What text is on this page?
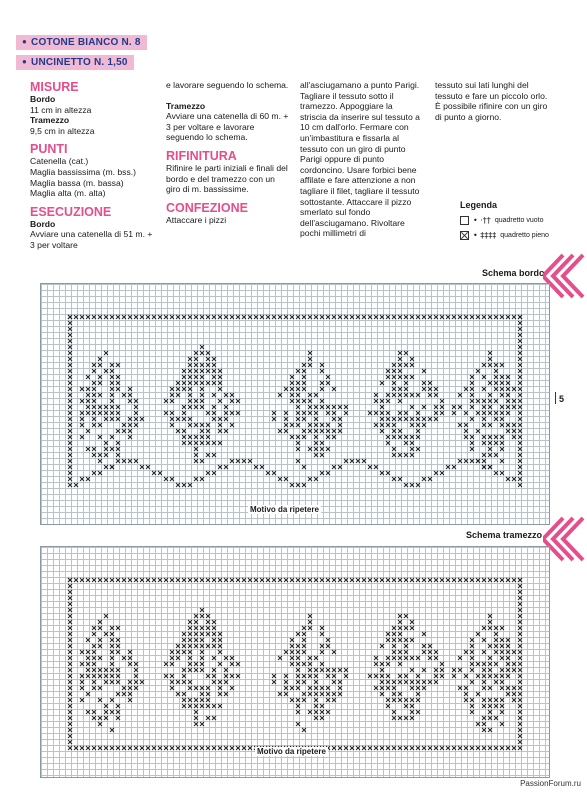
● COTONE BIANCO N. 8
● UNCINETTO N. 1,50
MISURE
Bordo
11 cm in altezza
Tramezzo
9,5 cm in altezza
PUNTI
Catenella (cat.)
Maglia bassissima (m. bss.)
Maglia bassa (m. bassa)
Maglia alta (m. alta)
ESECUZIONE
Bordo
Avviare una catenella di 51 m. + 3 per voltare
e lavorare seguendo lo schema.
Tramezzo
Avviare una catenella di 60 m. + 3 per voltare e lavorare seguendo lo schema.
RIFINITURA
Rifinire le parti iniziali e finali del bordo e del tramezzo con un giro di m. bassissime.
CONFEZIONE
Attaccare i pizzi
all'asciugamano a punto Parigi. Tagliare il tessuto sotto il tramezzo. Appoggiare la striscia da inserire sul tessuto a 10 cm dall'orlo. Fermare con un'imbastitura e fissarla al tessuto con un giro di punto Parigi oppure di punto cordoncino. Usare forbici bene affilate e fare attenzione a non tagliare il filet, tagliare il tessuto sottostante. Attaccare il pizzo smerlato sul fondo dell'asciugamano. Rivoltare pochi millimetri di
tessuto sui lati lunghi del tessuto e fare un piccolo orlo. È possibile rifinire con un giro di punto a giorno.
Legenda
• ·†† quadretto vuoto
• ‡‡‡‡ quadretto pieno
Schema bordo
5
Motivo da ripetere
Schema tramezzo
Motivo da ripetere
PassionForum.ru
